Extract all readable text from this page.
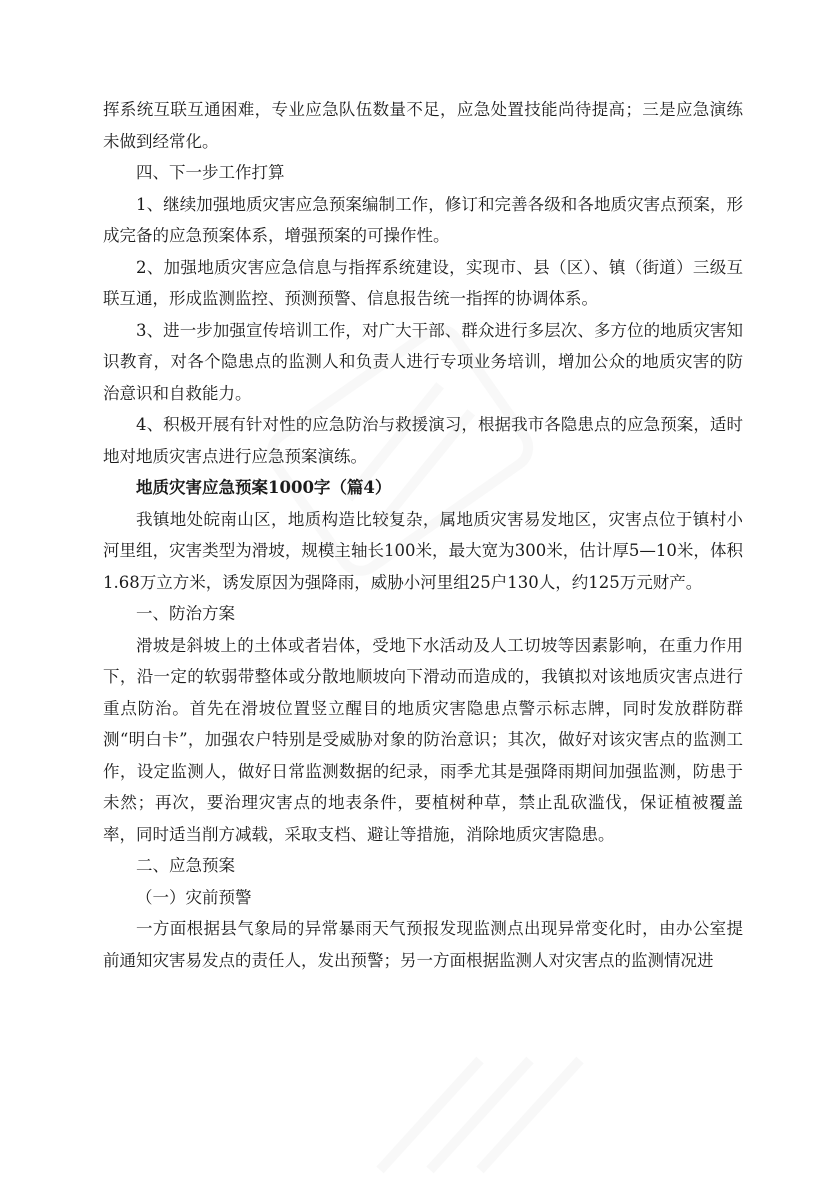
挥系统互联互通困难，专业应急队伍数量不足，应急处置技能尚待提高；三是应急演练未做到经常化。

四、下一步工作打算

1、继续加强地质灾害应急预案编制工作，修订和完善各级和各地质灾害点预案，形成完备的应急预案体系，增强预案的可操作性。

2、加强地质灾害应急信息与指挥系统建设，实现市、县（区）、镇（街道）三级互联互通，形成监测监控、预测预警、信息报告统一指挥的协调体系。

3、进一步加强宣传培训工作，对广大干部、群众进行多层次、多方位的地质灾害知识教育，对各个隐患点的监测人和负责人进行专项业务培训，增加公众的地质灾害的防治意识和自救能力。

4、积极开展有针对性的应急防治与救援演习，根据我市各隐患点的应急预案，适时地对地质灾害点进行应急预案演练。

地质灾害应急预案1000字（篇4）

我镇地处皖南山区，地质构造比较复杂，属地质灾害易发地区，灾害点位于镇村小河里组，灾害类型为滑坡，规模主轴长100米，最大宽为300米，估计厚5—10米，体积1.68万立方米，诱发原因为强降雨，威胁小河里组25户130人，约125万元财产。

一、防治方案

滑坡是斜坡上的土体或者岩体，受地下水活动及人工切坡等因素影响，在重力作用下，沿一定的软弱带整体或分散地顺坡向下滑动而造成的，我镇拟对该地质灾害点进行重点防治。首先在滑坡位置竖立醒目的地质灾害隐患点警示标志牌，同时发放群防群测“明白卡”，加强农户特别是受威胁对象的防治意识；其次，做好对该灾害点的监测工作，设定监测人，做好日常监测数据的纪录，雨季尤其是强降雨期间加强监测，防患于未然；再次，要治理灾害点的地表条件，要植树种草，禁止乱砍滥伐，保证植被覆盖率，同时适当削方减载，采取支档、避让等措施，消除地质灾害隐患。

二、应急预案

（一）灾前预警

一方面根据县气象局的异常暴雨天气预报发现监测点出现异常变化时，由办公室提前通知灾害易发点的责任人，发出预警；另一方面根据监测人对灾害点的监测情况进
